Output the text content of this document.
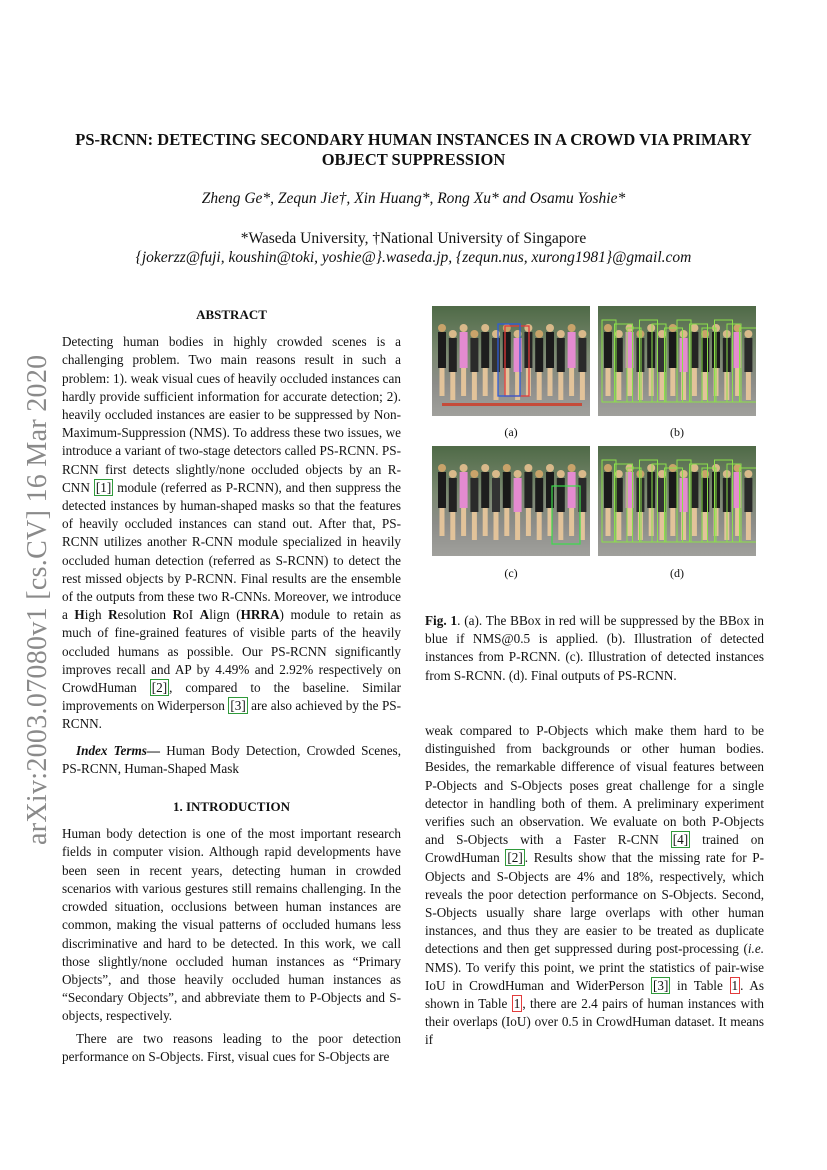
arXiv:2003.07080v1 [cs.CV] 16 Mar 2020
PS-RCNN: DETECTING SECONDARY HUMAN INSTANCES IN A CROWD VIA PRIMARY
OBJECT SUPPRESSION
Zheng Ge*, Zequn Jie†, Xin Huang*, Rong Xu* and Osamu Yoshie*
*Waseda University, †National University of Singapore
{jokerzz@fuji, koushin@toki, yoshie@}.waseda.jp, {zequn.nus, xurong1981}@gmail.com
ABSTRACT

Detecting human bodies in highly crowded scenes is a challenging problem. Two main reasons result in such a problem: 1). weak visual cues of heavily occluded instances can hardly provide sufficient information for accurate detection; 2). heavily occluded instances are easier to be suppressed by Non-Maximum-Suppression (NMS). To address these two issues, we introduce a variant of two-stage detectors called PS-RCNN. PS-RCNN first detects slightly/none occluded objects by an R-CNN [1] module (referred as P-RCNN), and then suppress the detected instances by human-shaped masks so that the features of heavily occluded instances can stand out. After that, PS-RCNN utilizes another R-CNN module specialized in heavily occluded human detection (referred as S-RCNN) to detect the rest missed objects by P-RCNN. Final results are the ensemble of the outputs from these two R-CNNs. Moreover, we introduce a High Resolution RoI Align (HRRA) module to retain as much of fine-grained features of visible parts of the heavily occluded humans as possible. Our PS-RCNN significantly improves recall and AP by 4.49% and 2.92% respectively on CrowdHuman [2] , compared to the baseline. Similar improvements on Widerperson [3] are also achieved by the PS-RCNN.

Index Terms— Human Body Detection, Crowded Scenes, PS-RCNN, Human-Shaped Mask

1. INTRODUCTION

Human body detection is one of the most important research fields in computer vision. Although rapid developments have been seen in recent years, detecting human in crowded scenarios with various gestures still remains challenging. In the crowded situation, occlusions between human instances are common, making the visual patterns of occluded humans less discriminative and hard to be detected. In this work, we call those slightly/none occluded human instances as “Primary Objects”, and those heavily occluded human instances as “Secondary Objects”, and abbreviate them to P-Objects and S-objects, respectively.

There are two reasons leading to the poor detection performance on S-Objects. First, visual cues for S-Objects are

(a)	(b)
(c)	(d)

Fig. 1. (a). The BBox in red will be suppressed by the BBox in blue if NMS@0.5 is applied. (b). Illustration of detected instances from P-RCNN. (c). Illustration of detected instances from S-RCNN. (d). Final outputs of PS-RCNN.

weak compared to P-Objects which make them hard to be distinguished from backgrounds or other human bodies. Besides, the remarkable difference of visual features between P-Objects and S-Objects poses great challenge for a single detector in handling both of them. A preliminary experiment verifies such an observation. We evaluate on both P-Objects and S-Objects with a Faster R-CNN [4] trained on CrowdHuman [2] . Results show that the missing rate for P-Objects and S-Objects are 4% and 18%, respectively, which reveals the poor detection performance on S-Objects. Second, S-Objects usually share large overlaps with other human instances, and thus they are easier to be treated as duplicate detections and then get suppressed during post-processing (i.e. NMS). To verify this point, we print the statistics of pair-wise IoU in CrowdHuman and WiderPerson [3] in Table 1 . As shown in Table 1 , there are 2.4 pairs of human instances with their overlaps (IoU) over 0.5 in CrowdHuman dataset. It means if
